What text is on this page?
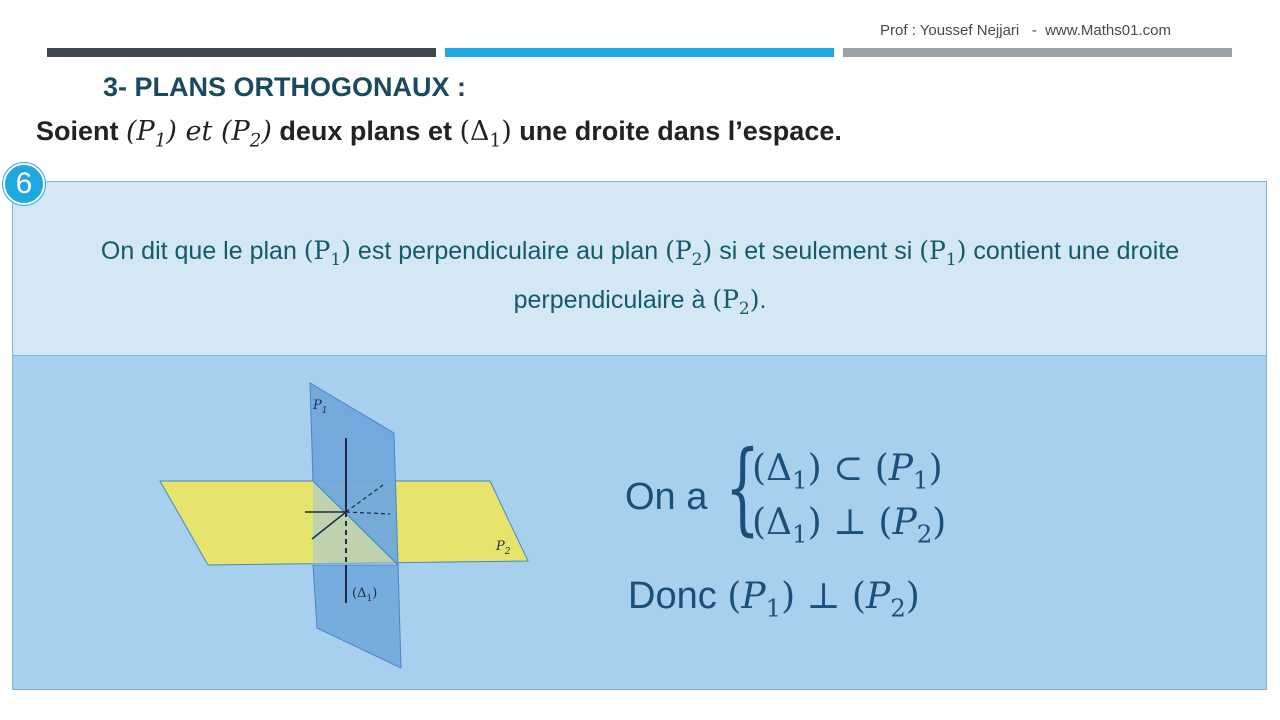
Prof : Youssef Nejjari   -  www.Maths01.com
3- PLANS ORTHOGONAUX :
Soient $(P_1)$ et $(P_2)$ deux plans et $(\Delta_1)$ une droite dans l’espace.
On dit que le plan $(P_1)$ est perpendiculaire au plan $(P_2)$ si et seulement si $(P_1)$ contient une droite perpendiculaire à $(P_2)$.
6
$P_1$
$P_2$
$(\Delta_1)$
On a {
$(\Delta_1)$ ⊂ $(P_1)$
$(\Delta_1)$ ⊥ $(P_2)$
Donc $(P_1)$ ⊥ $(P_2)$
